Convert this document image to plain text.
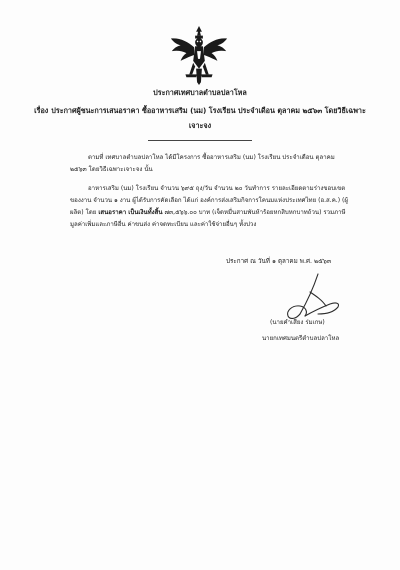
ประกาศเทศบาลตำบลปลาโหล
เรื่อง ประกาศผู้ชนะการเสนอราคา ซื้ออาหารเสริม (นม) โรงเรียน ประจำเดือน ตุลาคม ๒๕๖๓ โดยวิธีเฉพาะเจาะจง

ตามที่ เทศบาลตำบลปลาโหล ได้มีโครงการ ซื้ออาหารเสริม (นม) โรงเรียน ประจำเดือน ตุลาคม ๒๕๖๓ โดยวิธีเฉพาะเจาะจง นั้น

อาหารเสริม (นม) โรงเรียน จำนวน ๖๙๕ ถุง/วัน จำนวน ๒๐ วันทำการ รายละเอียดตามร่างขอบเขตของงาน จำนวน ๑ งาน ผู้ได้รับการคัดเลือก ได้แก่ องค์การส่งเสริมกิจการโคนมแห่งประเทศไทย (อ.ส.ค.) (ผู้ผลิต) โดย เสนอราคา เป็นเงินทั้งสิ้น ๗๓,๕๖๖.๐๐ บาท (เจ็ดหมื่นสามพันห้าร้อยหกสิบหกบาทถ้วน) รวมภาษีมูลค่าเพิ่มและภาษีอื่น ค่าขนส่ง ค่าจดทะเบียน และค่าใช้จ่ายอื่นๆ ทั้งปวง

ประกาศ ณ วันที่ ๑ ตุลาคม พ.ศ. ๒๕๖๓
(นายคำเสียง ร่มเกษ)
นายกเทศมนตรีตำบลปลาโหล
